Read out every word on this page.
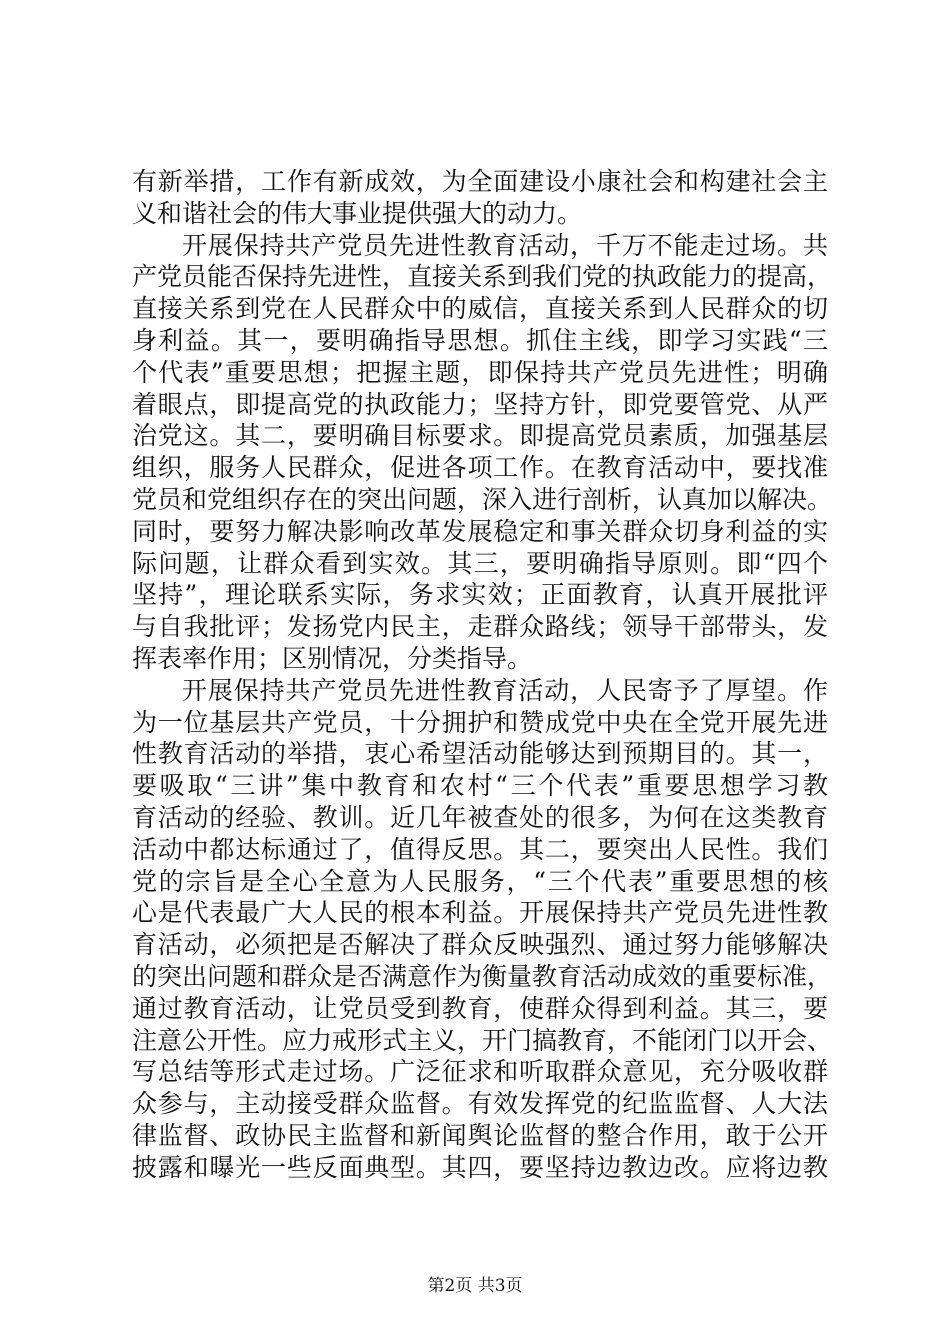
有新举措，工作有新成效，为全面建设小康社会和构建社会主
义和谐社会的伟大事业提供强大的动力。
开展保持共产党员先进性教育活动，千万不能走过场。共
产党员能否保持先进性，直接关系到我们党的执政能力的提高，
直接关系到党在人民群众中的威信，直接关系到人民群众的切
身利益。其一，要明确指导思想。抓住主线，即学习实践“三
个代表”重要思想；把握主题，即保持共产党员先进性；明确
着眼点，即提高党的执政能力；坚持方针，即党要管党、从严
治党这。其二，要明确目标要求。即提高党员素质，加强基层
组织，服务人民群众，促进各项工作。在教育活动中，要找准
党员和党组织存在的突出问题，深入进行剖析，认真加以解决。
同时，要努力解决影响改革发展稳定和事关群众切身利益的实
际问题，让群众看到实效。其三，要明确指导原则。即“四个
坚持”，理论联系实际，务求实效；正面教育，认真开展批评
与自我批评；发扬党内民主，走群众路线；领导干部带头，发
挥表率作用；区别情况，分类指导。
开展保持共产党员先进性教育活动，人民寄予了厚望。作
为一位基层共产党员，十分拥护和赞成党中央在全党开展先进
性教育活动的举措，衷心希望活动能够达到预期目的。其一，
要吸取“三讲”集中教育和农村“三个代表”重要思想学习教
育活动的经验、教训。近几年被查处的很多，为何在这类教育
活动中都达标通过了，值得反思。其二，要突出人民性。我们
党的宗旨是全心全意为人民服务，“三个代表”重要思想的核
心是代表最广大人民的根本利益。开展保持共产党员先进性教
育活动，必须把是否解决了群众反映强烈、通过努力能够解决
的突出问题和群众是否满意作为衡量教育活动成效的重要标准，
通过教育活动，让党员受到教育，使群众得到利益。其三，要
注意公开性。应力戒形式主义，开门搞教育，不能闭门以开会、
写总结等形式走过场。广泛征求和听取群众意见，充分吸收群
众参与，主动接受群众监督。有效发挥党的纪监监督、人大法
律监督、政协民主监督和新闻舆论监督的整合作用，敢于公开
披露和曝光一些反面典型。其四，要坚持边教边改。应将边教
第2页 共3页
